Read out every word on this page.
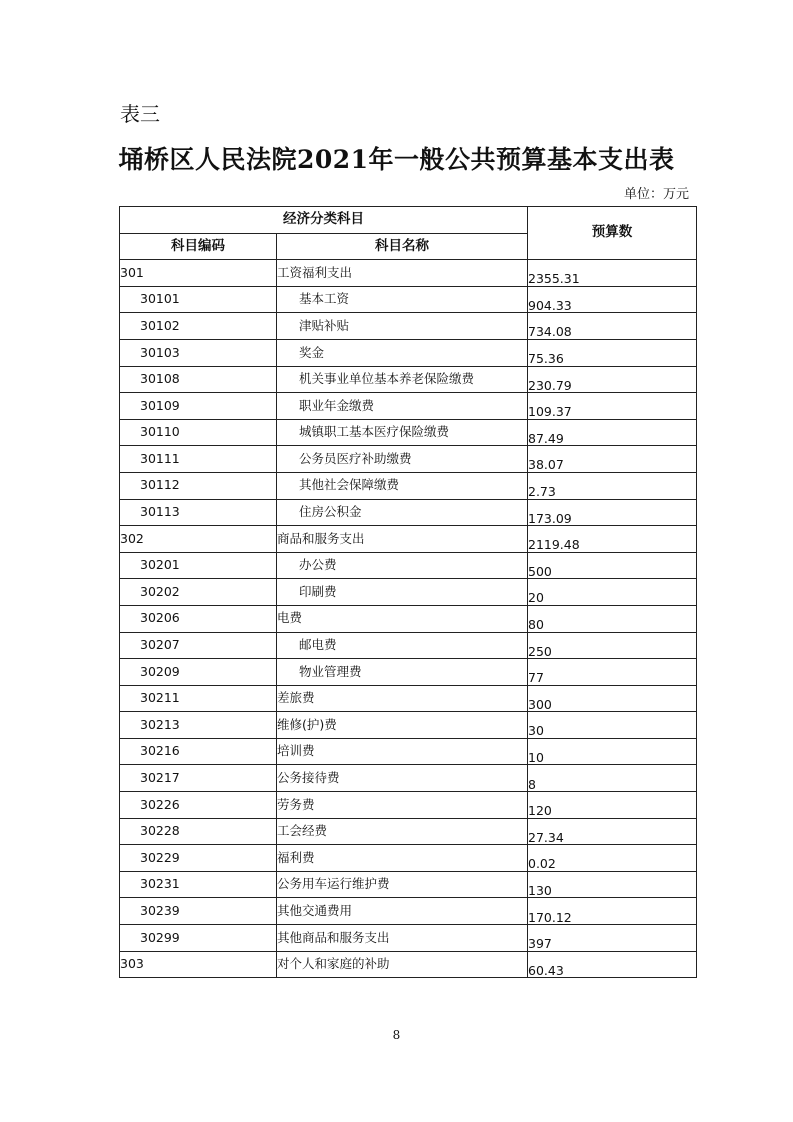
表三
埇桥区人民法院2021年一般公共预算基本支出表
单位：万元
经济分类科目		预算数
科目编码	科目名称	
301	工资福利支出	2355.31
30101	基本工资	904.33
30102	津贴补贴	734.08
30103	奖金	75.36
30108	机关事业单位基本养老保险缴费	230.79
30109	职业年金缴费	109.37
30110	城镇职工基本医疗保险缴费	87.49
30111	公务员医疗补助缴费	38.07
30112	其他社会保障缴费	2.73
30113	住房公积金	173.09
302	商品和服务支出	2119.48
30201	办公费	500
30202	印刷费	20
30206	电费	80
30207	邮电费	250
30209	物业管理费	77
30211	差旅费	300
30213	维修(护)费	30
30216	培训费	10
30217	公务接待费	8
30226	劳务费	120
30228	工会经费	27.34
30229	福利费	0.02
30231	公务用车运行维护费	130
30239	其他交通费用	170.12
30299	其他商品和服务支出	397
303	对个人和家庭的补助	60.43
8
